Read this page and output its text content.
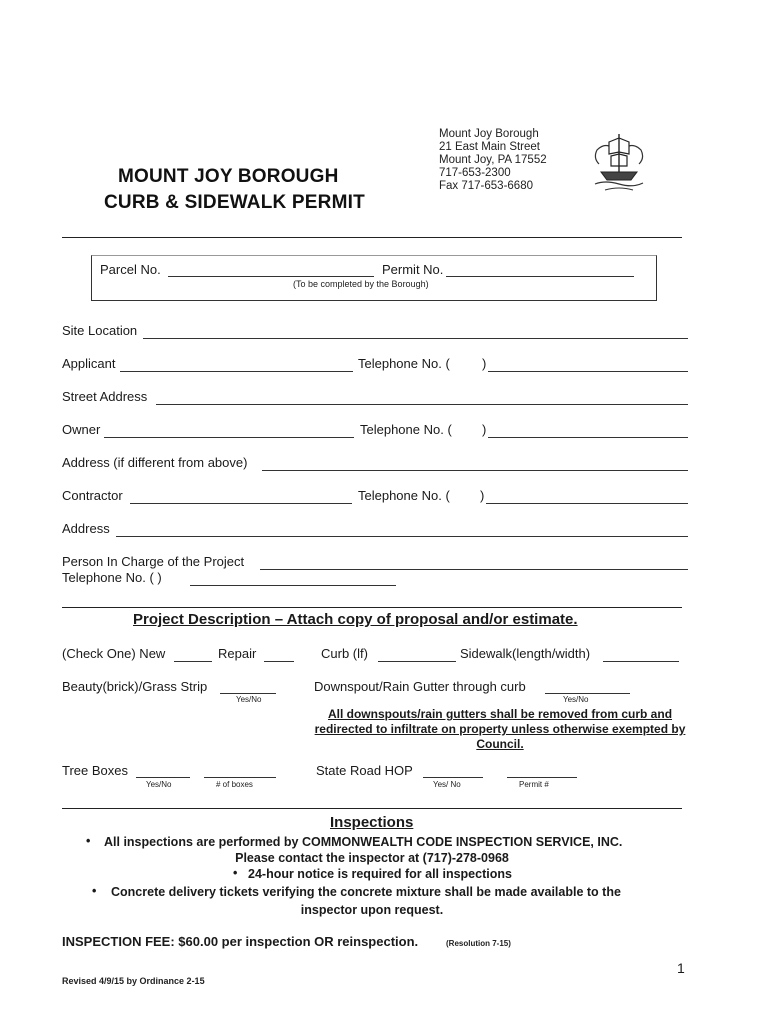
MOUNT JOY BOROUGH
CURB & SIDEWALK PERMIT
Mount Joy Borough
21 East Main Street
Mount Joy, PA 17552
717-653-2300
Fax 717-653-6680
Parcel No.	Permit No.
(To be completed by the Borough)
Site Location
Applicant	Telephone No. ( )
Street Address
Owner	Telephone No. ( )
Address (if different from above)
Contractor	Telephone No. ( )
Address
Person In Charge of the Project
Telephone No. ( )
Project Description – Attach copy of proposal and/or estimate.
(Check One) New	Repair	Curb (lf)	Sidewalk(length/width)
Beauty(brick)/Grass Strip
Yes/No
Downspout/Rain Gutter through curb
Yes/No
All downspouts/rain gutters shall be removed from curb and redirected to infiltrate on property unless otherwise exempted by Council.
Tree Boxes
Yes/No	# of boxes
State Road HOP
Yes/ No	Permit #
Inspections
• All inspections are performed by COMMONWEALTH CODE INSPECTION SERVICE, INC.
Please contact the inspector at (717)-278-0968
• 24-hour notice is required for all inspections
• Concrete delivery tickets verifying the concrete mixture shall be made available to the
inspector upon request.
INSPECTION FEE: $60.00 per inspection OR reinspection.	(Resolution 7-15)
1
Revised 4/9/15 by Ordinance 2-15
